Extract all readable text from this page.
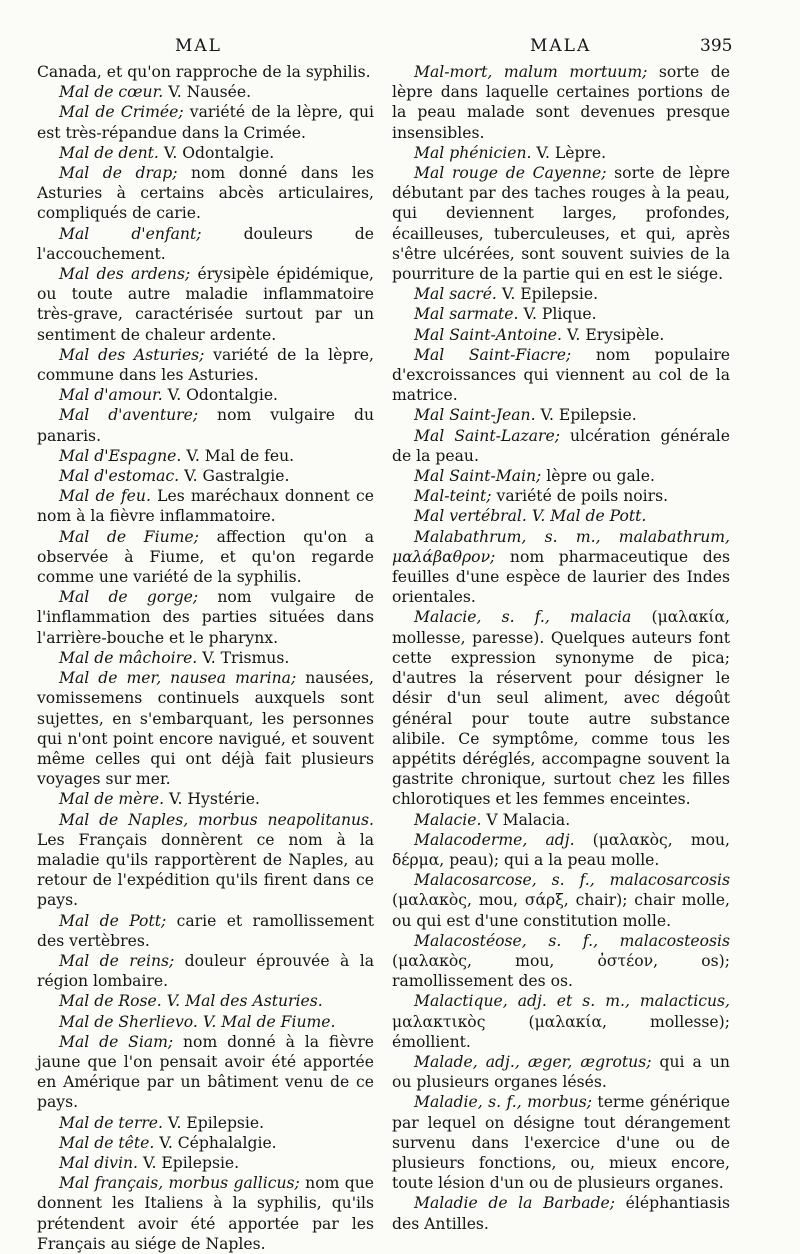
MAL	MALA	395

Canada, et qu'on rapproche de la syphilis.

Mal de cœur. V. Nausée.

Mal de Crimée; variété de la lèpre, qui est très-répandue dans la Crimée.

Mal de dent. V. Odontalgie.

Mal de drap; nom donné dans les Asturies à certains abcès articulaires, compliqués de carie.

Mal d'enfant; douleurs de l'accouchement.

Mal des ardens; érysipèle épidémique, ou toute autre maladie inflammatoire très-grave, caractérisée surtout par un sentiment de chaleur ardente.

Mal des Asturies; variété de la lèpre, commune dans les Asturies.

Mal d'amour. V. Odontalgie.

Mal d'aventure; nom vulgaire du panaris.

Mal d'Espagne. V. Mal de feu.

Mal d'estomac. V. Gastralgie.

Mal de feu. Les maréchaux donnent ce nom à la fièvre inflammatoire.

Mal de Fiume; affection qu'on a observée à Fiume, et qu'on regarde comme une variété de la syphilis.

Mal de gorge; nom vulgaire de l'inflammation des parties situées dans l'arrière-bouche et le pharynx.

Mal de mâchoire. V. Trismus.

Mal de mer, nausea marina; nausées, vomissemens continuels auxquels sont sujettes, en s'embarquant, les personnes qui n'ont point encore navigué, et souvent même celles qui ont déjà fait plusieurs voyages sur mer.

Mal de mère. V. Hystérie.

Mal de Naples, morbus neapolitanus. Les Français donnèrent ce nom à la maladie qu'ils rapportèrent de Naples, au retour de l'expédition qu'ils firent dans ce pays.

Mal de Pott; carie et ramollissement des vertèbres.

Mal de reins; douleur éprouvée à la région lombaire.

Mal de Rose. V. Mal des Asturies.

Mal de Sherlievo. V. Mal de Fiume.

Mal de Siam; nom donné à la fièvre jaune que l'on pensait avoir été apportée en Amérique par un bâtiment venu de ce pays.

Mal de terre. V. Epilepsie.

Mal de tête. V. Céphalalgie.

Mal divin. V. Epilepsie.

Mal français, morbus gallicus; nom que donnent les Italiens à la syphilis, qu'ils prétendent avoir été apportée par les Français au siége de Naples.

Mal-mort, malum mortuum; sorte de lèpre dans laquelle certaines portions de la peau malade sont devenues presque insensibles.

Mal phénicien. V. Lèpre.

Mal rouge de Cayenne; sorte de lèpre débutant par des taches rouges à la peau, qui deviennent larges, profondes, écailleuses, tuberculeuses, et qui, après s'être ulcérées, sont souvent suivies de la pourriture de la partie qui en est le siége.

Mal sacré. V. Epilepsie.

Mal sarmate. V. Plique.

Mal Saint-Antoine. V. Erysipèle.

Mal Saint-Fiacre; nom populaire d'excroissances qui viennent au col de la matrice.

Mal Saint-Jean. V. Epilepsie.

Mal Saint-Lazare; ulcération générale de la peau.

Mal Saint-Main; lèpre ou gale.

Mal-teint; variété de poils noirs.

Mal vertébral. V. Mal de Pott.

Malabathrum, s. m., malabathrum, μαλάβαθρον; nom pharmaceutique des feuilles d'une espèce de laurier des Indes orientales.

Malacie, s. f., malacia (μαλακία, mollesse, paresse). Quelques auteurs font cette expression synonyme de pica; d'autres la réservent pour désigner le désir d'un seul aliment, avec dégoût général pour toute autre substance alibile. Ce symptôme, comme tous les appétits déréglés, accompagne souvent la gastrite chronique, surtout chez les filles chlorotiques et les femmes enceintes.

Malacie. V Malacia.

Malacoderme, adj. (μαλακὸς, mou, δέρμα, peau); qui a la peau molle.

Malacosarcose, s. f., malacosarcosis (μαλακὸς, mou, σάρξ, chair); chair molle, ou qui est d'une constitution molle.

Malacostéose, s. f., malacosteosis (μαλακὸς, mou, ὀστέον, os); ramollissement des os.

Malactique, adj. et s. m., malacticus, μαλακτικὸς (μαλακία, mollesse); émollient.

Malade, adj., æger, ægrotus; qui a un ou plusieurs organes lésés.

Maladie, s. f., morbus; terme générique par lequel on désigne tout dérangement survenu dans l'exercice d'une ou de plusieurs fonctions, ou, mieux encore, toute lésion d'un ou de plusieurs organes.

Maladie de la Barbade; éléphantiasis des Antilles.
